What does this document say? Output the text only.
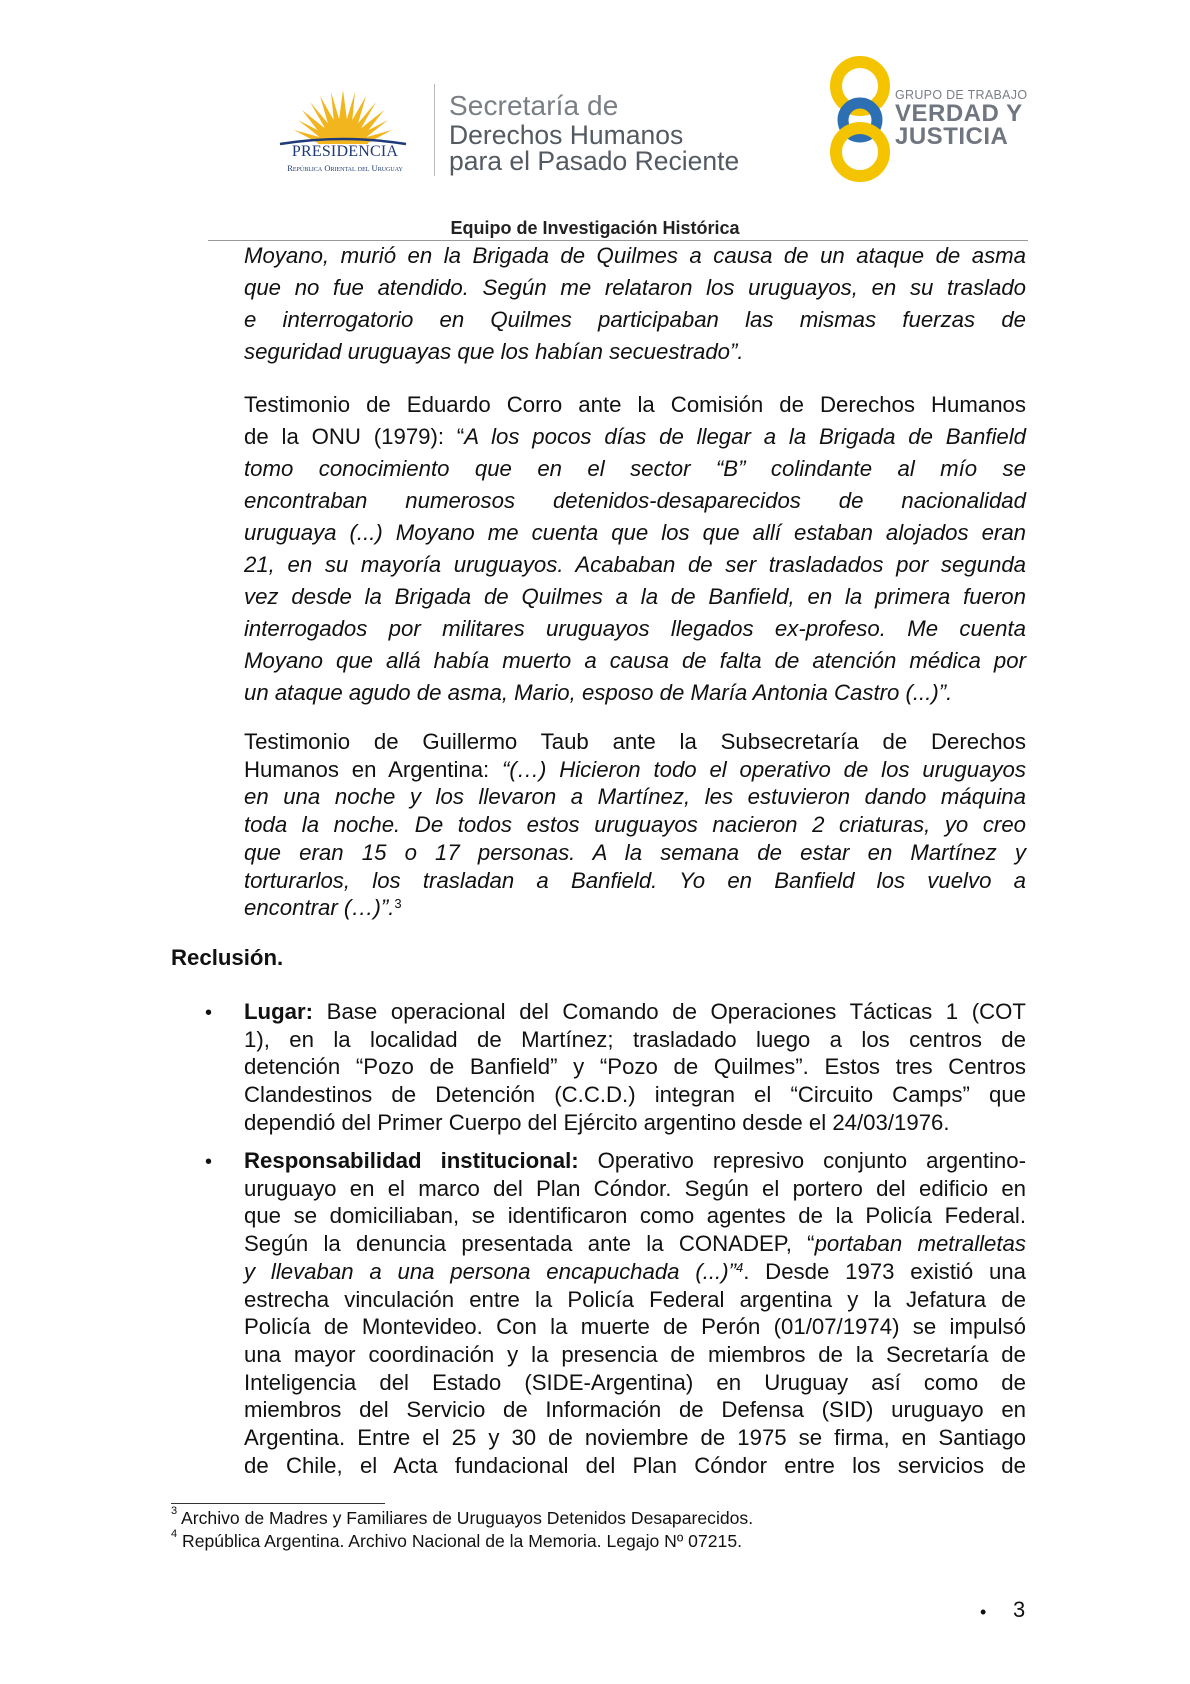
PRESIDENCIA
República Oriental del Uruguay
Secretaría de
Derechos Humanos
para el Pasado Reciente
GRUPO DE TRABAJO
VERDAD Y
JUSTICIA
Equipo de Investigación Histórica
Moyano, murió en la Brigada de Quilmes a causa de un ataque de asma
que no fue atendido. Según me relataron los uruguayos, en su traslado
e interrogatorio en Quilmes participaban las mismas fuerzas de
seguridad uruguayas que los habían secuestrado”.
Testimonio de Eduardo Corro ante la Comisión de Derechos Humanos
de la ONU (1979): “A los pocos días de llegar a la Brigada de Banfield
tomo conocimiento que en el sector “B” colindante al mío se
encontraban numerosos detenidos-desaparecidos de nacionalidad
uruguaya (...) Moyano me cuenta que los que allí estaban alojados eran
21, en su mayoría uruguayos. Acababan de ser trasladados por segunda
vez desde la Brigada de Quilmes a la de Banfield, en la primera fueron
interrogados por militares uruguayos llegados ex-profeso. Me cuenta
Moyano que allá había muerto a causa de falta de atención médica por
un ataque agudo de asma, Mario, esposo de María Antonia Castro (...)”.
Testimonio de Guillermo Taub ante la Subsecretaría de Derechos
Humanos en Argentina: “(…) Hicieron todo el operativo de los uruguayos
en una noche y los llevaron a Martínez, les estuvieron dando máquina
toda la noche. De todos estos uruguayos nacieron 2 criaturas, yo creo
que eran 15 o 17 personas. A la semana de estar en Martínez y
torturarlos, los trasladan a Banfield. Yo en Banfield los vuelvo a
encontrar (…)”.$^3$
Reclusión.
• Lugar: Base operacional del Comando de Operaciones Tácticas 1 (COT
1), en la localidad de Martínez; trasladado luego a los centros de
detención “Pozo de Banfield” y “Pozo de Quilmes”. Estos tres Centros
Clandestinos de Detención (C.C.D.) integran el “Circuito Camps” que
dependió del Primer Cuerpo del Ejército argentino desde el 24/03/1976.
• Responsabilidad institucional: Operativo represivo conjunto argentino-
uruguayo en el marco del Plan Cóndor. Según el portero del edificio en
que se domiciliaban, se identificaron como agentes de la Policía Federal.
Según la denuncia presentada ante la CONADEP, “portaban metralletas
y llevaban a una persona encapuchada (...)”$^4$. Desde 1973 existió una
estrecha vinculación entre la Policía Federal argentina y la Jefatura de
Policía de Montevideo. Con la muerte de Perón (01/07/1974) se impulsó
una mayor coordinación y la presencia de miembros de la Secretaría de
Inteligencia del Estado (SIDE-Argentina) en Uruguay así como de
miembros del Servicio de Información de Defensa (SID) uruguayo en
Argentina. Entre el 25 y 30 de noviembre de 1975 se firma, en Santiago
de Chile, el Acta fundacional del Plan Cóndor entre los servicios de
$^3$ Archivo de Madres y Familiares de Uruguayos Detenidos Desaparecidos.
$^4$ República Argentina. Archivo Nacional de la Memoria. Legajo Nº 07215.
• 3
